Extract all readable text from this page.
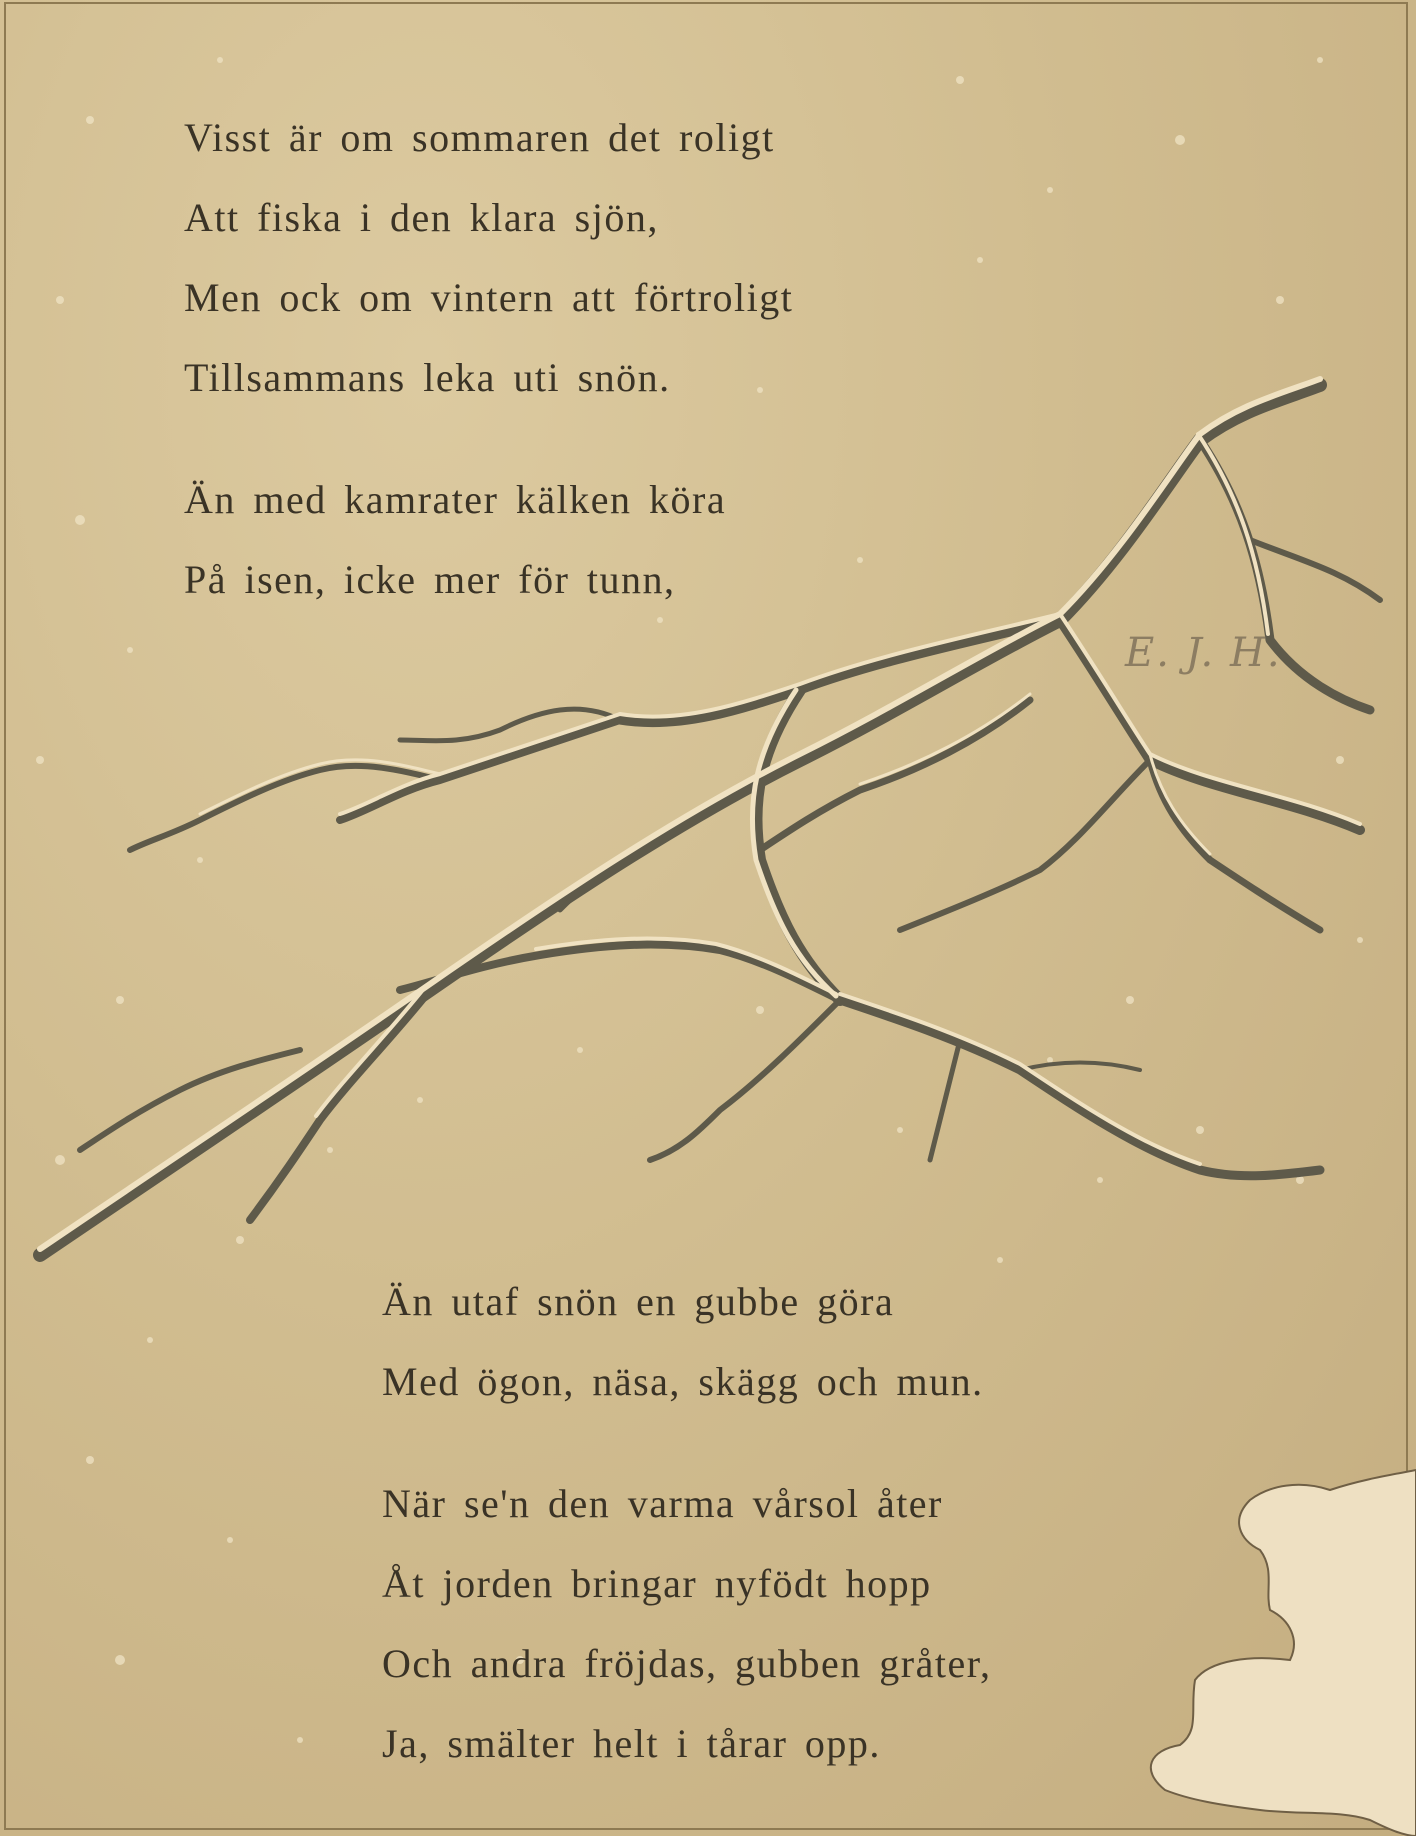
E. J. H.
Visst är om sommaren det roligt
Att fiska i den klara sjön,
Men ock om vintern att förtroligt
Tillsammans leka uti snön.
Än med kamrater kälken köra
På isen, icke mer för tunn,
Än utaf snön en gubbe göra
Med ögon, näsa, skägg och mun.
När se'n den varma vårsol åter
Åt jorden bringar nyfödt hopp
Och andra fröjdas, gubben gråter,
Ja, smälter helt i tårar opp.
